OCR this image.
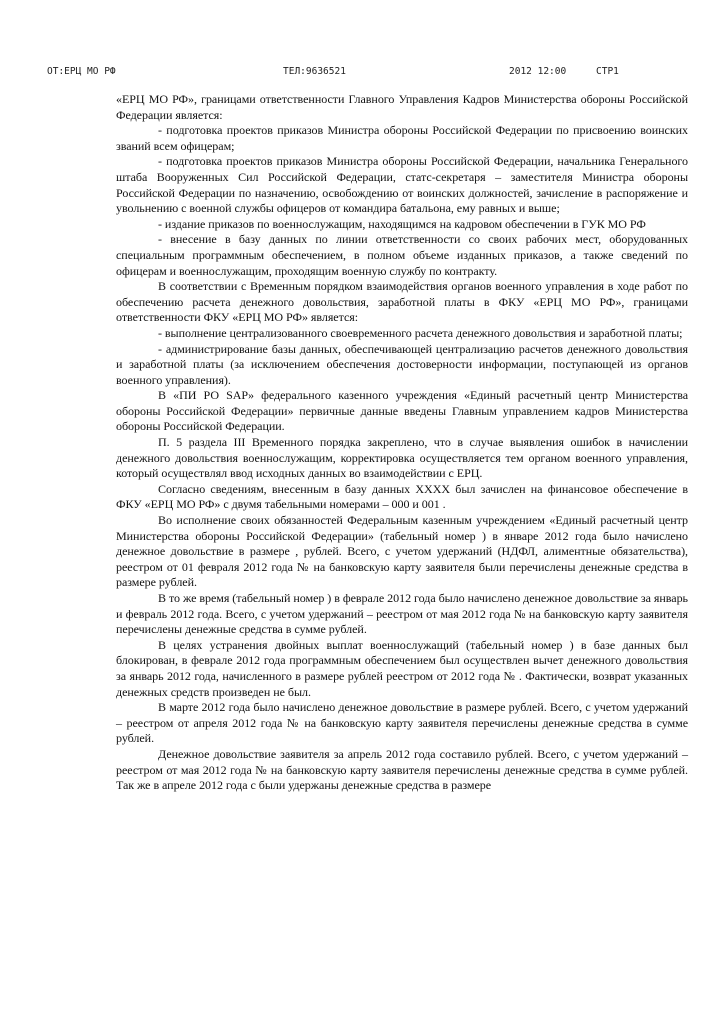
ОТ:ЕРЦ МО РФ	ТЕЛ:9636521	2012 12:00	СТР1

«ЕРЦ МО РФ», границами ответственности Главного Управления Кадров Министерства обороны Российской Федерации является:

- подготовка проектов приказов Министра обороны Российской Федерации по присвоению воинских званий всем офицерам;

- подготовка проектов приказов Министра обороны Российской Федерации, начальника Генерального штаба Вооруженных Сил Российской Федерации, статс-секретаря – заместителя Министра обороны Российской Федерации по назначению, освобождению от воинских должностей, зачисление в распоряжение и увольнению с военной службы офицеров от командира батальона, ему равных и выше;

- издание приказов по военнослужащим, находящимся на кадровом обеспечении в ГУК МО РФ

- внесение в базу данных по линии ответственности со своих рабочих мест, оборудованных специальным программным обеспечением, в полном объеме изданных приказов, а также сведений по офицерам и военнослужащим, проходящим военную службу по контракту.

В соответствии с Временным порядком взаимодействия органов военного управления в ходе работ по обеспечению расчета денежного довольствия, заработной платы в ФКУ «ЕРЦ МО РФ», границами ответственности ФКУ «ЕРЦ МО РФ» является:

- выполнение централизованного своевременного расчета денежного довольствия и заработной платы;

- администрирование базы данных, обеспечивающей централизацию расчетов денежного довольствия и заработной платы (за исключением обеспечения достоверности информации, поступающей из органов военного управления).

В «ПИ РО SAP» федерального казенного учреждения «Единый расчетный центр Министерства обороны Российской Федерации» первичные данные введены Главным управлением кадров Министерства обороны Российской Федерации.

П. 5 раздела III Временного порядка закреплено, что в случае выявления ошибок в начислении денежного довольствия военнослужащим, корректировка осуществляется тем органом военного управления, который осуществлял ввод исходных данных во взаимодействии с ЕРЦ.

Согласно сведениям, внесенным в базу данных XXXX был зачислен на финансовое обеспечение в ФКУ «ЕРЦ МО РФ» с двумя табельными номерами – 000 и 001 .

Во исполнение своих обязанностей Федеральным казенным учреждением «Единый расчетный центр Министерства обороны Российской Федерации» (табельный номер ) в январе 2012 года было начислено денежное довольствие в размере , рублей. Всего, с учетом удержаний (НДФЛ, алиментные обязательства), реестром от 01 февраля 2012 года № на банковскую карту заявителя были перечислены денежные средства в размере рублей.

В то же время (табельный номер ) в феврале 2012 года было начислено денежное довольствие за январь и февраль 2012 года. Всего, с учетом удержаний – реестром от мая 2012 года № на банковскую карту заявителя перечислены денежные средства в сумме рублей.

В целях устранения двойных выплат военнослужащий (табельный номер ) в базе данных был блокирован, в феврале 2012 года программным обеспечением был осуществлен вычет денежного довольствия за январь 2012 года, начисленного в размере рублей реестром от 2012 года № . Фактически, возврат указанных денежных средств произведен не был.

В марте 2012 года было начислено денежное довольствие в размере рублей. Всего, с учетом удержаний – реестром от апреля 2012 года № на банковскую карту заявителя перечислены денежные средства в сумме рублей.

Денежное довольствие заявителя за апрель 2012 года составило рублей. Всего, с учетом удержаний – реестром от мая 2012 года № на банковскую карту заявителя перечислены денежные средства в сумме рублей. Так же в апреле 2012 года с были удержаны денежные средства в размере
